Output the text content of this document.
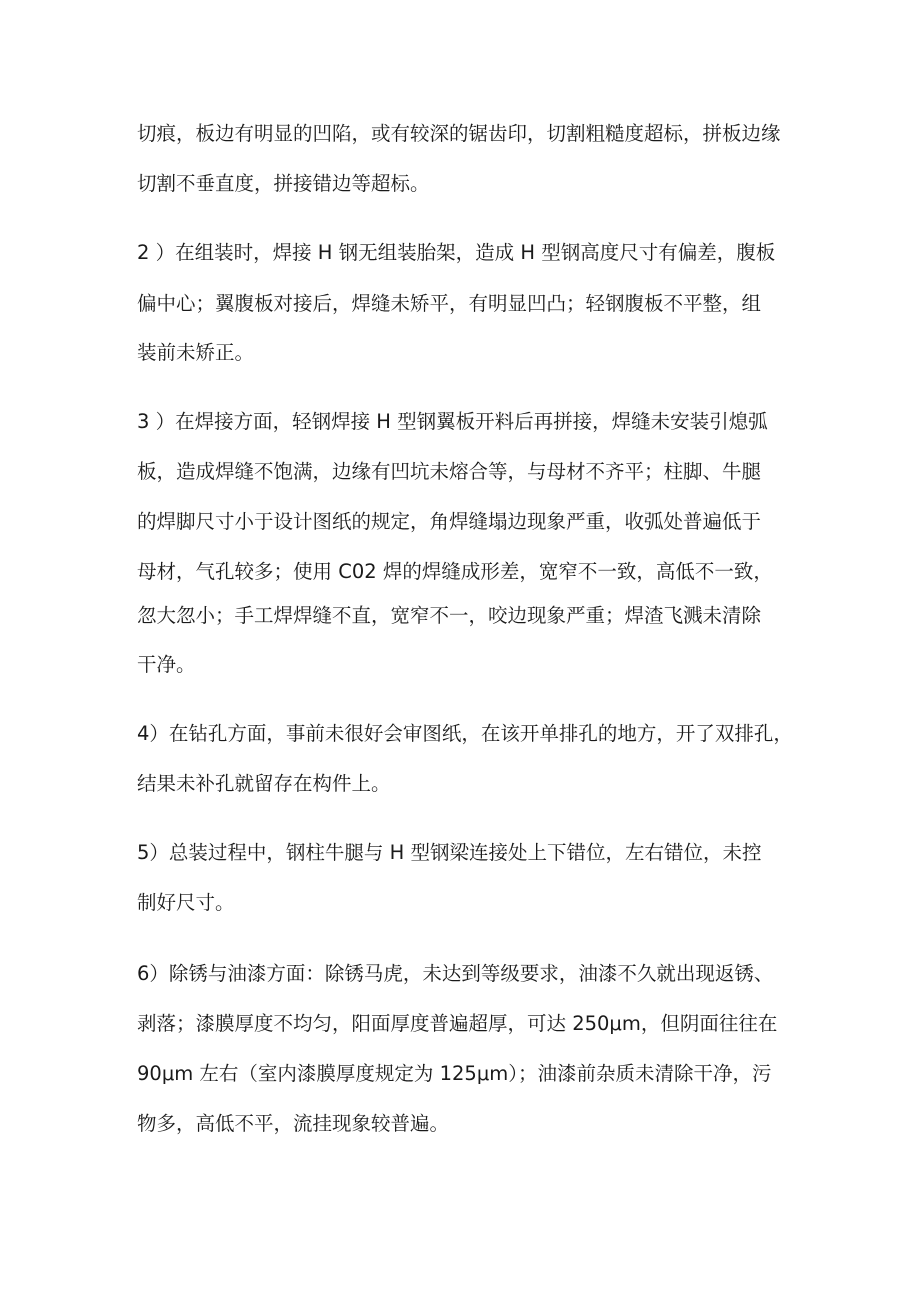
切痕，板边有明显的凹陷，或有较深的锯齿印，切割粗糙度超标，拼板边缘
切割不垂直度，拼接错边等超标。
2 ）在组装时，焊接 H 钢无组装胎架，造成 H 型钢高度尺寸有偏差，腹板
偏中心；翼腹板对接后，焊缝未矫平，有明显凹凸；轻钢腹板不平整，组
装前未矫正。
3 ）在焊接方面，轻钢焊接 H 型钢翼板开料后再拼接，焊缝未安装引熄弧
板，造成焊缝不饱满，边缘有凹坑未熔合等，与母材不齐平；柱脚、牛腿
的焊脚尺寸小于设计图纸的规定，角焊缝塌边现象严重，收弧处普遍低于
母材，气孔较多；使用 C02 焊的焊缝成形差，宽窄不一致，高低不一致，
忽大忽小；手工焊焊缝不直，宽窄不一，咬边现象严重；焊渣飞溅未清除
干净。
4）在钻孔方面，事前未很好会审图纸，在该开单排孔的地方，开了双排孔，
结果未补孔就留存在构件上。
5）总装过程中，钢柱牛腿与 H 型钢梁连接处上下错位，左右错位，未控
制好尺寸。
6）除锈与油漆方面：除锈马虎，未达到等级要求，油漆不久就出现返锈、
剥落；漆膜厚度不均匀，阳面厚度普遍超厚，可达 250μm，但阴面往往在
90μm 左右（室内漆膜厚度规定为 125μm）；油漆前杂质未清除干净，污
物多，高低不平，流挂现象较普遍。
